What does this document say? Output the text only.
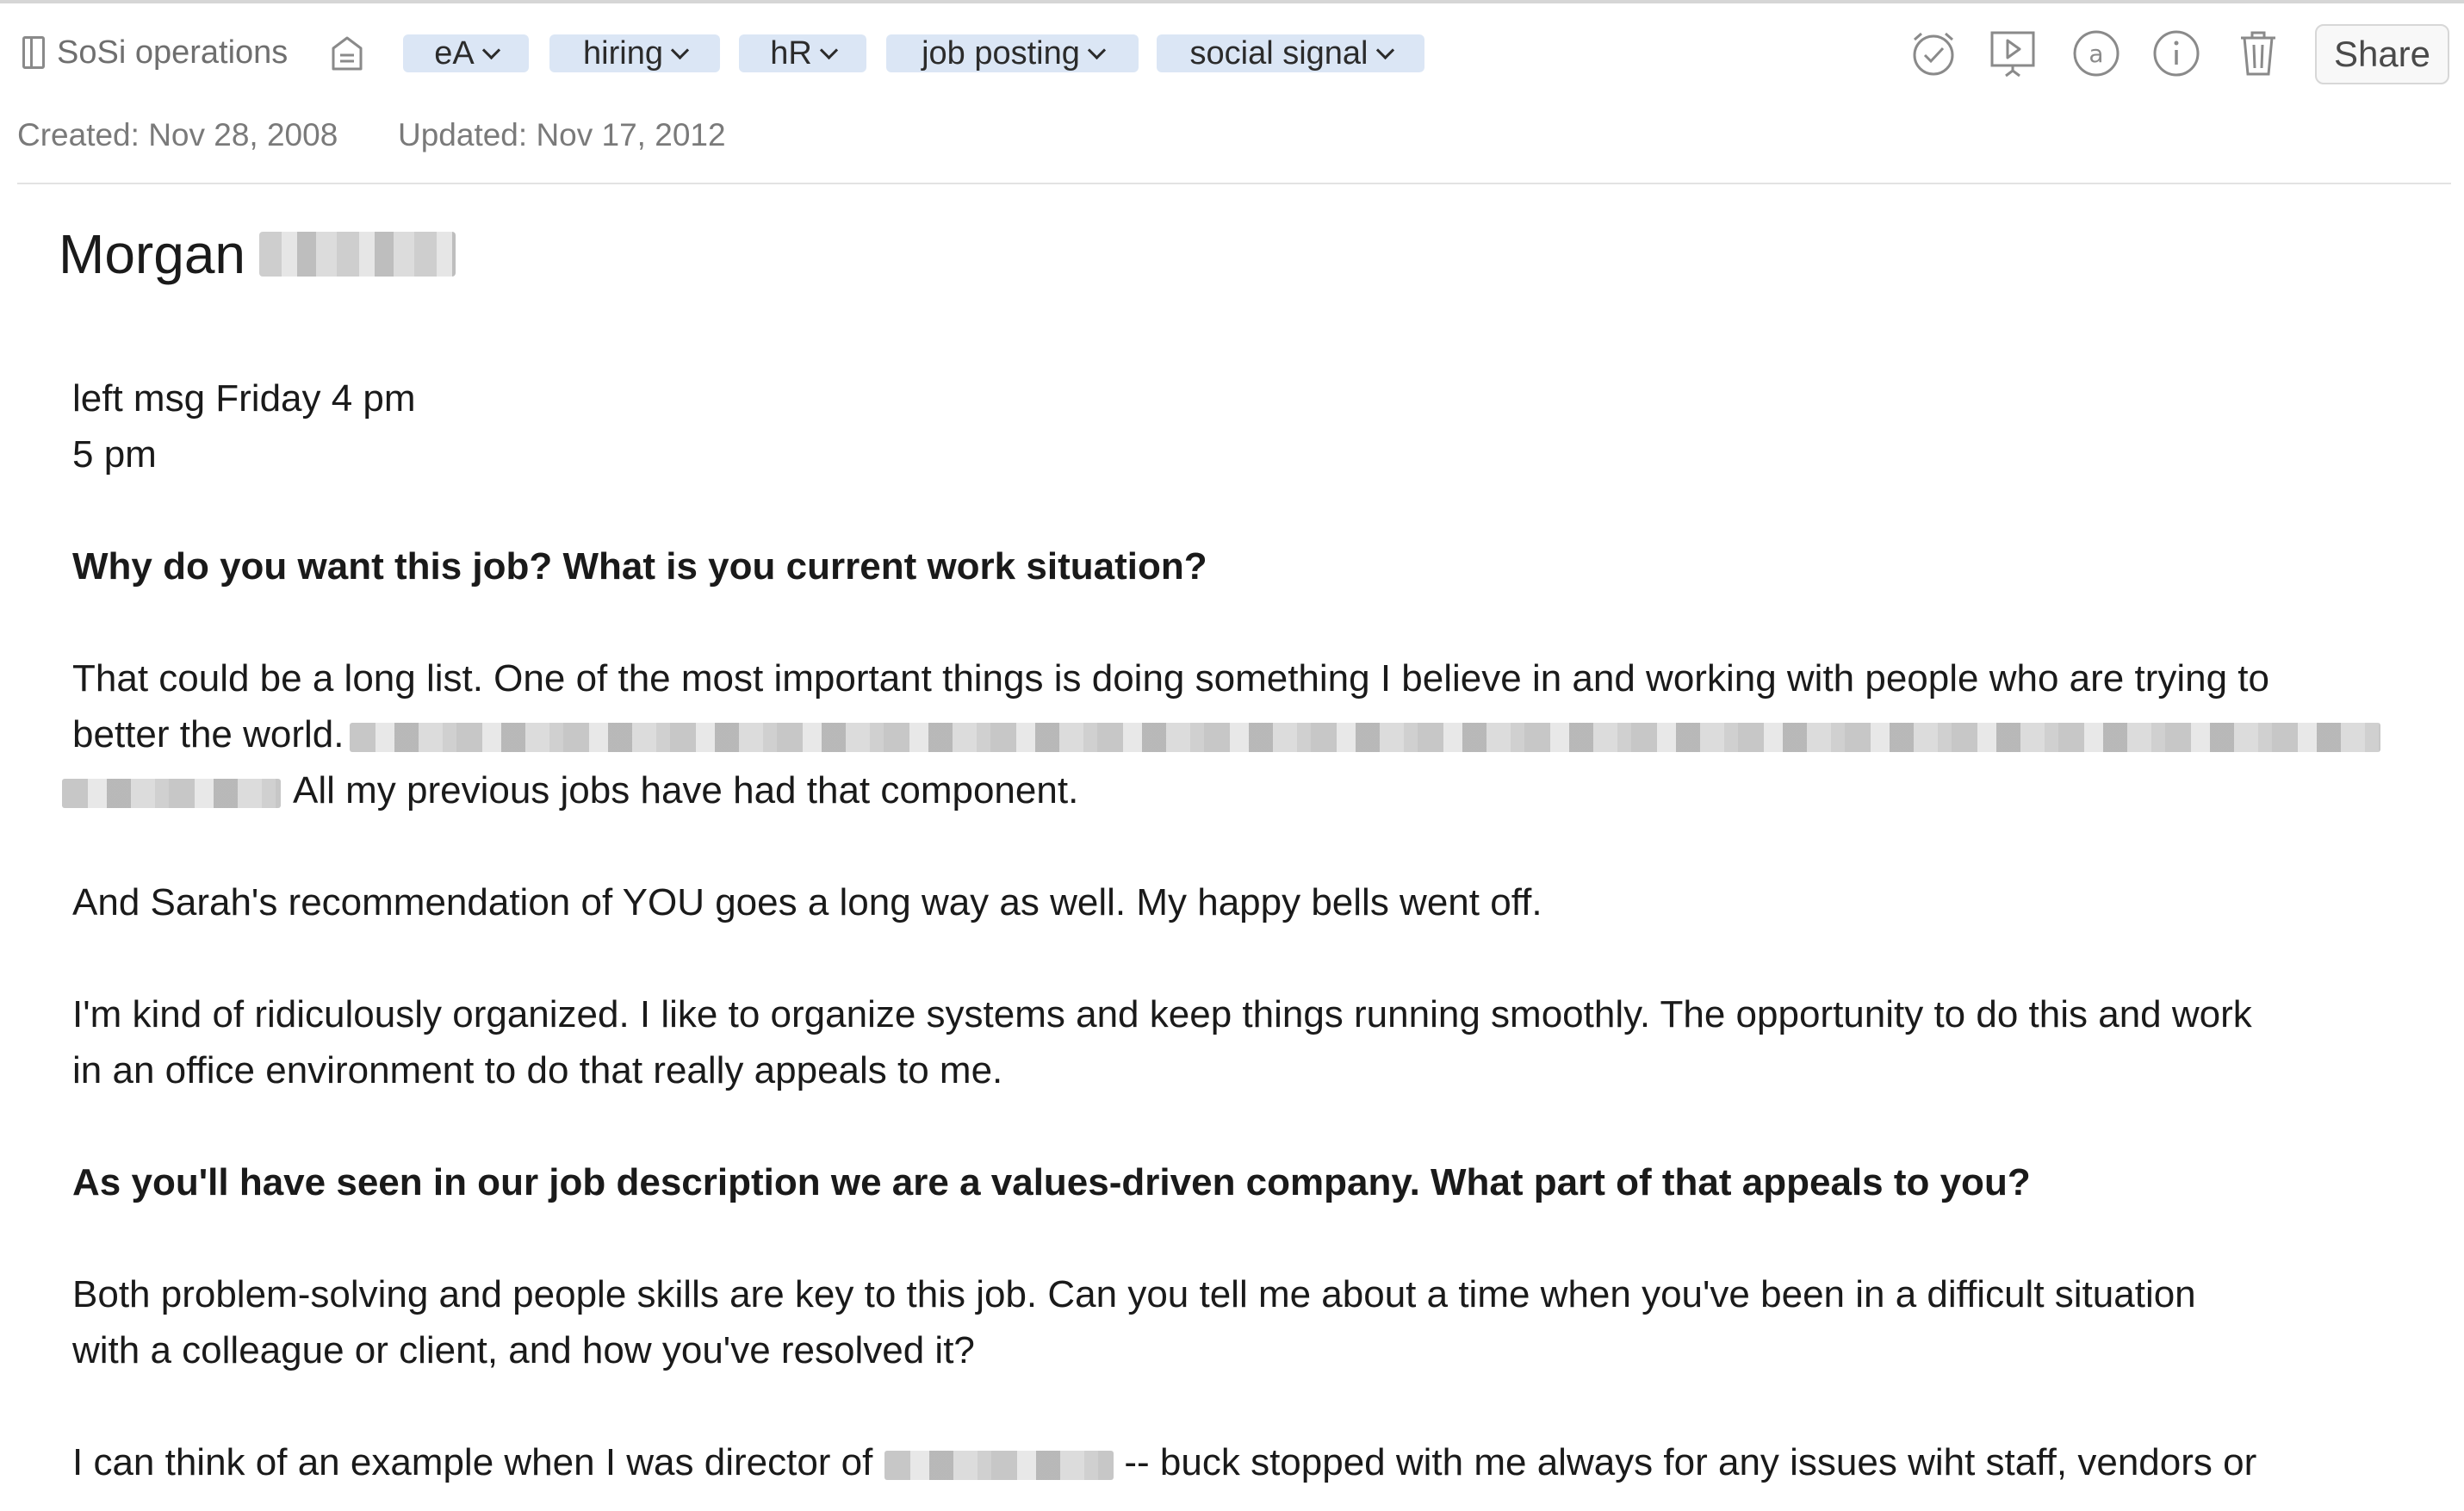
SoSi operations	eA	hiring	hR	job posting	social signal	a	Share
Created: Nov 28, 2008 Updated: Nov 17, 2012
Morgan
left msg Friday 4 pm
5 pm
Why do you want this job? What is you current work situation?
That could be a long list. One of the most important things is doing something I believe in and working with people who are trying to
better the world.
All my previous jobs have had that component.
And Sarah's recommendation of YOU goes a long way as well. My happy bells went off.
I'm kind of ridiculously organized. I like to organize systems and keep things running smoothly. The opportunity to do this and work
in an office environment to do that really appeals to me.
As you'll have seen in our job description we are a values-driven company. What part of that appeals to you?
Both problem-solving and people skills are key to this job. Can you tell me about a time when you've been in a difficult situation
with a colleague or client, and how you've resolved it?
I can think of an example when I was director of	-- buck stopped with me always for any issues wiht staff, vendors or
